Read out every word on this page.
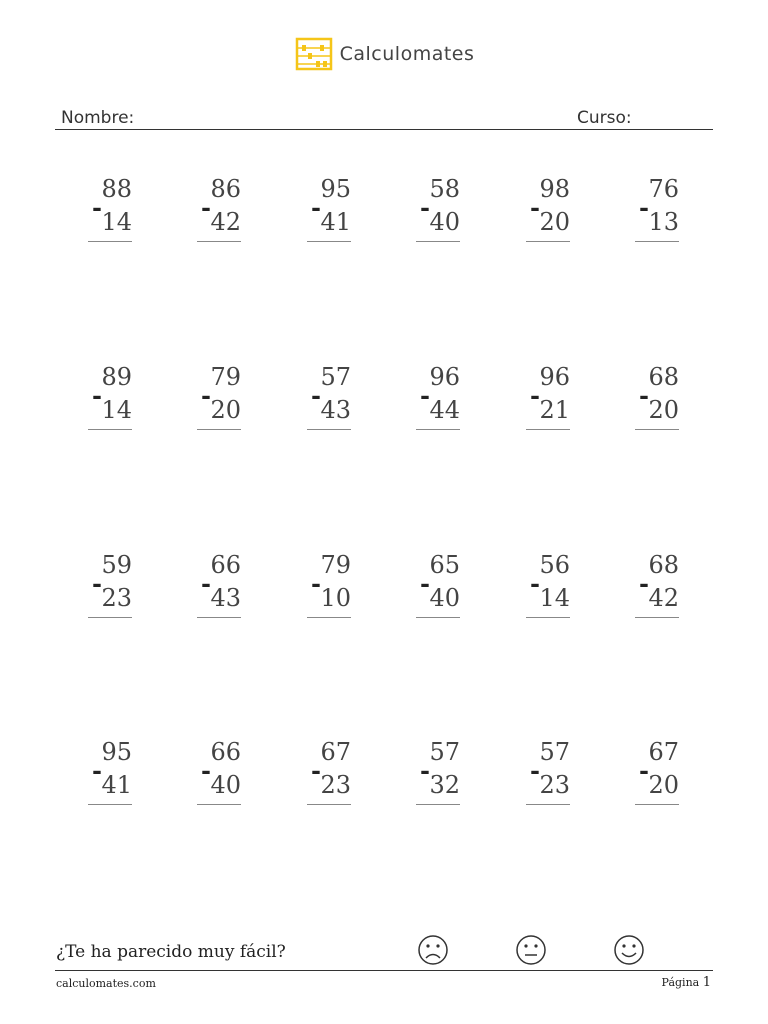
Calculomates
Nombre:	Curso:
88
- 14
86
- 42
95
- 41
58
- 40
98
- 20
76
- 13
89
- 14
79
- 20
57
- 43
96
- 44
96
- 21
68
- 20
59
- 23
66
- 43
79
- 10
65
- 40
56
- 14
68
- 42
95
- 41
66
- 40
67
- 23
57
- 32
57
- 23
67
- 20
¿Te ha parecido muy fácil?
calculomates.com	Página 1
